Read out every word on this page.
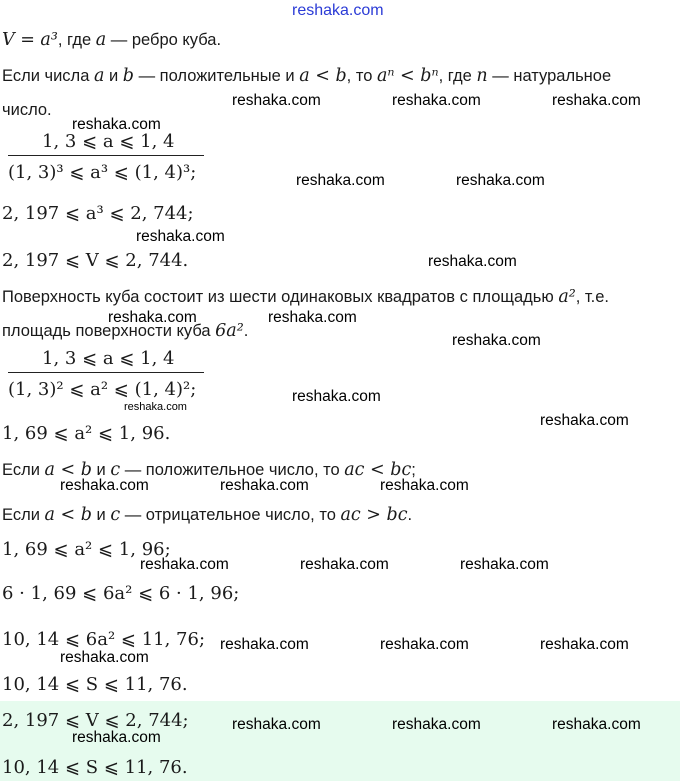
reshaka.com
V = a³, где a — ребро куба.
Если числа a и b — положительные и a < b, то aⁿ < bⁿ, где n — натуральное
число.
1, 3 ⩽ a ⩽ 1, 4
(1, 3)³ ⩽ a³ ⩽ (1, 4)³;
2, 197 ⩽ a³ ⩽ 2, 744;
2, 197 ⩽ V ⩽ 2, 744.
Поверхность куба состоит из шести одинаковых квадратов с площадью a², т.е.
площадь поверхности куба 6a².
1, 3 ⩽ a ⩽ 1, 4
(1, 3)² ⩽ a² ⩽ (1, 4)²;
1, 69 ⩽ a² ⩽ 1, 96.
Если a < b и c — положительное число, то ac < bc;
Если a < b и c — отрицательное число, то ac > bc.
1, 69 ⩽ a² ⩽ 1, 96;
6 · 1, 69 ⩽ 6a² ⩽ 6 · 1, 96;
10, 14 ⩽ 6a² ⩽ 11, 76;
10, 14 ⩽ S ⩽ 11, 76.
2, 197 ⩽ V ⩽ 2, 744;
10, 14 ⩽ S ⩽ 11, 76.
reshaka.com	reshaka.com	reshaka.com
reshaka.com
reshaka.com	reshaka.com
reshaka.com
reshaka.com
reshaka.com	reshaka.com
reshaka.com
reshaka.com
reshaka.com
reshaka.com
reshaka.com	reshaka.com	reshaka.com
reshaka.com	reshaka.com	reshaka.com
reshaka.com	reshaka.com	reshaka.com
reshaka.com
reshaka.com	reshaka.com	reshaka.com
reshaka.com
